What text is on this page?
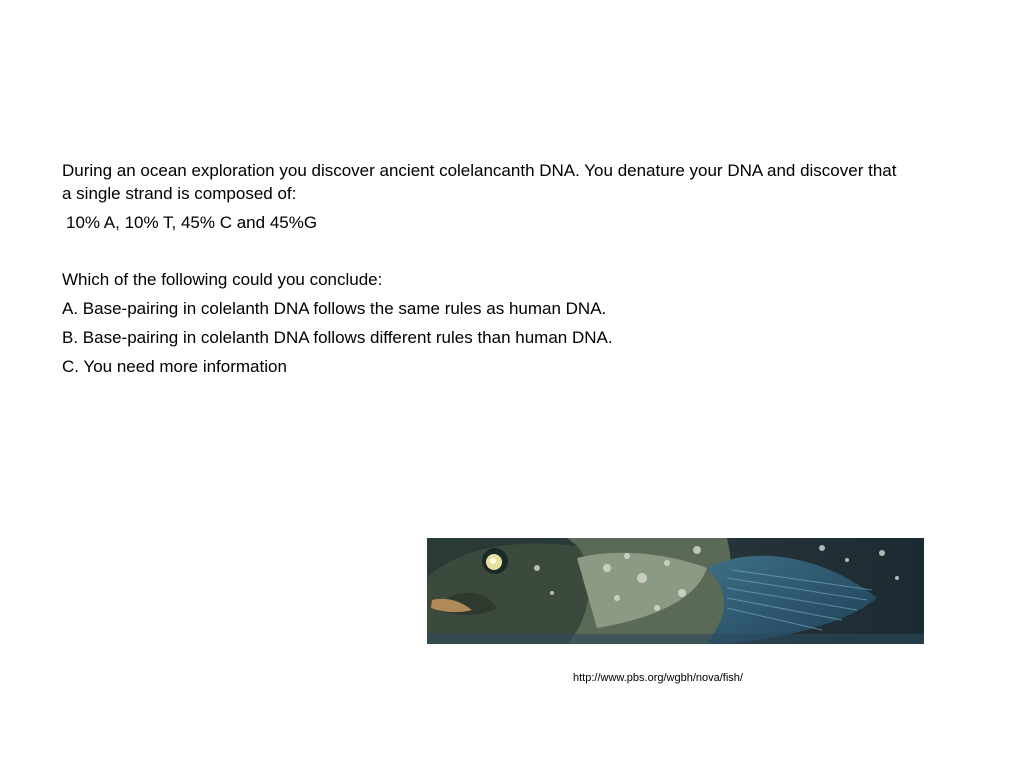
During an ocean exploration you discover ancient colelancanth DNA. You denature your DNA and discover that a single strand is composed of:

10% A, 10% T, 45% C and 45%G

Which of the following could you conclude:

A. Base-pairing in colelanth DNA follows the same rules as human DNA.

B. Base-pairing in colelanth DNA follows different rules than human DNA.

C. You need more information

http://www.pbs.org/wgbh/nova/fish/
